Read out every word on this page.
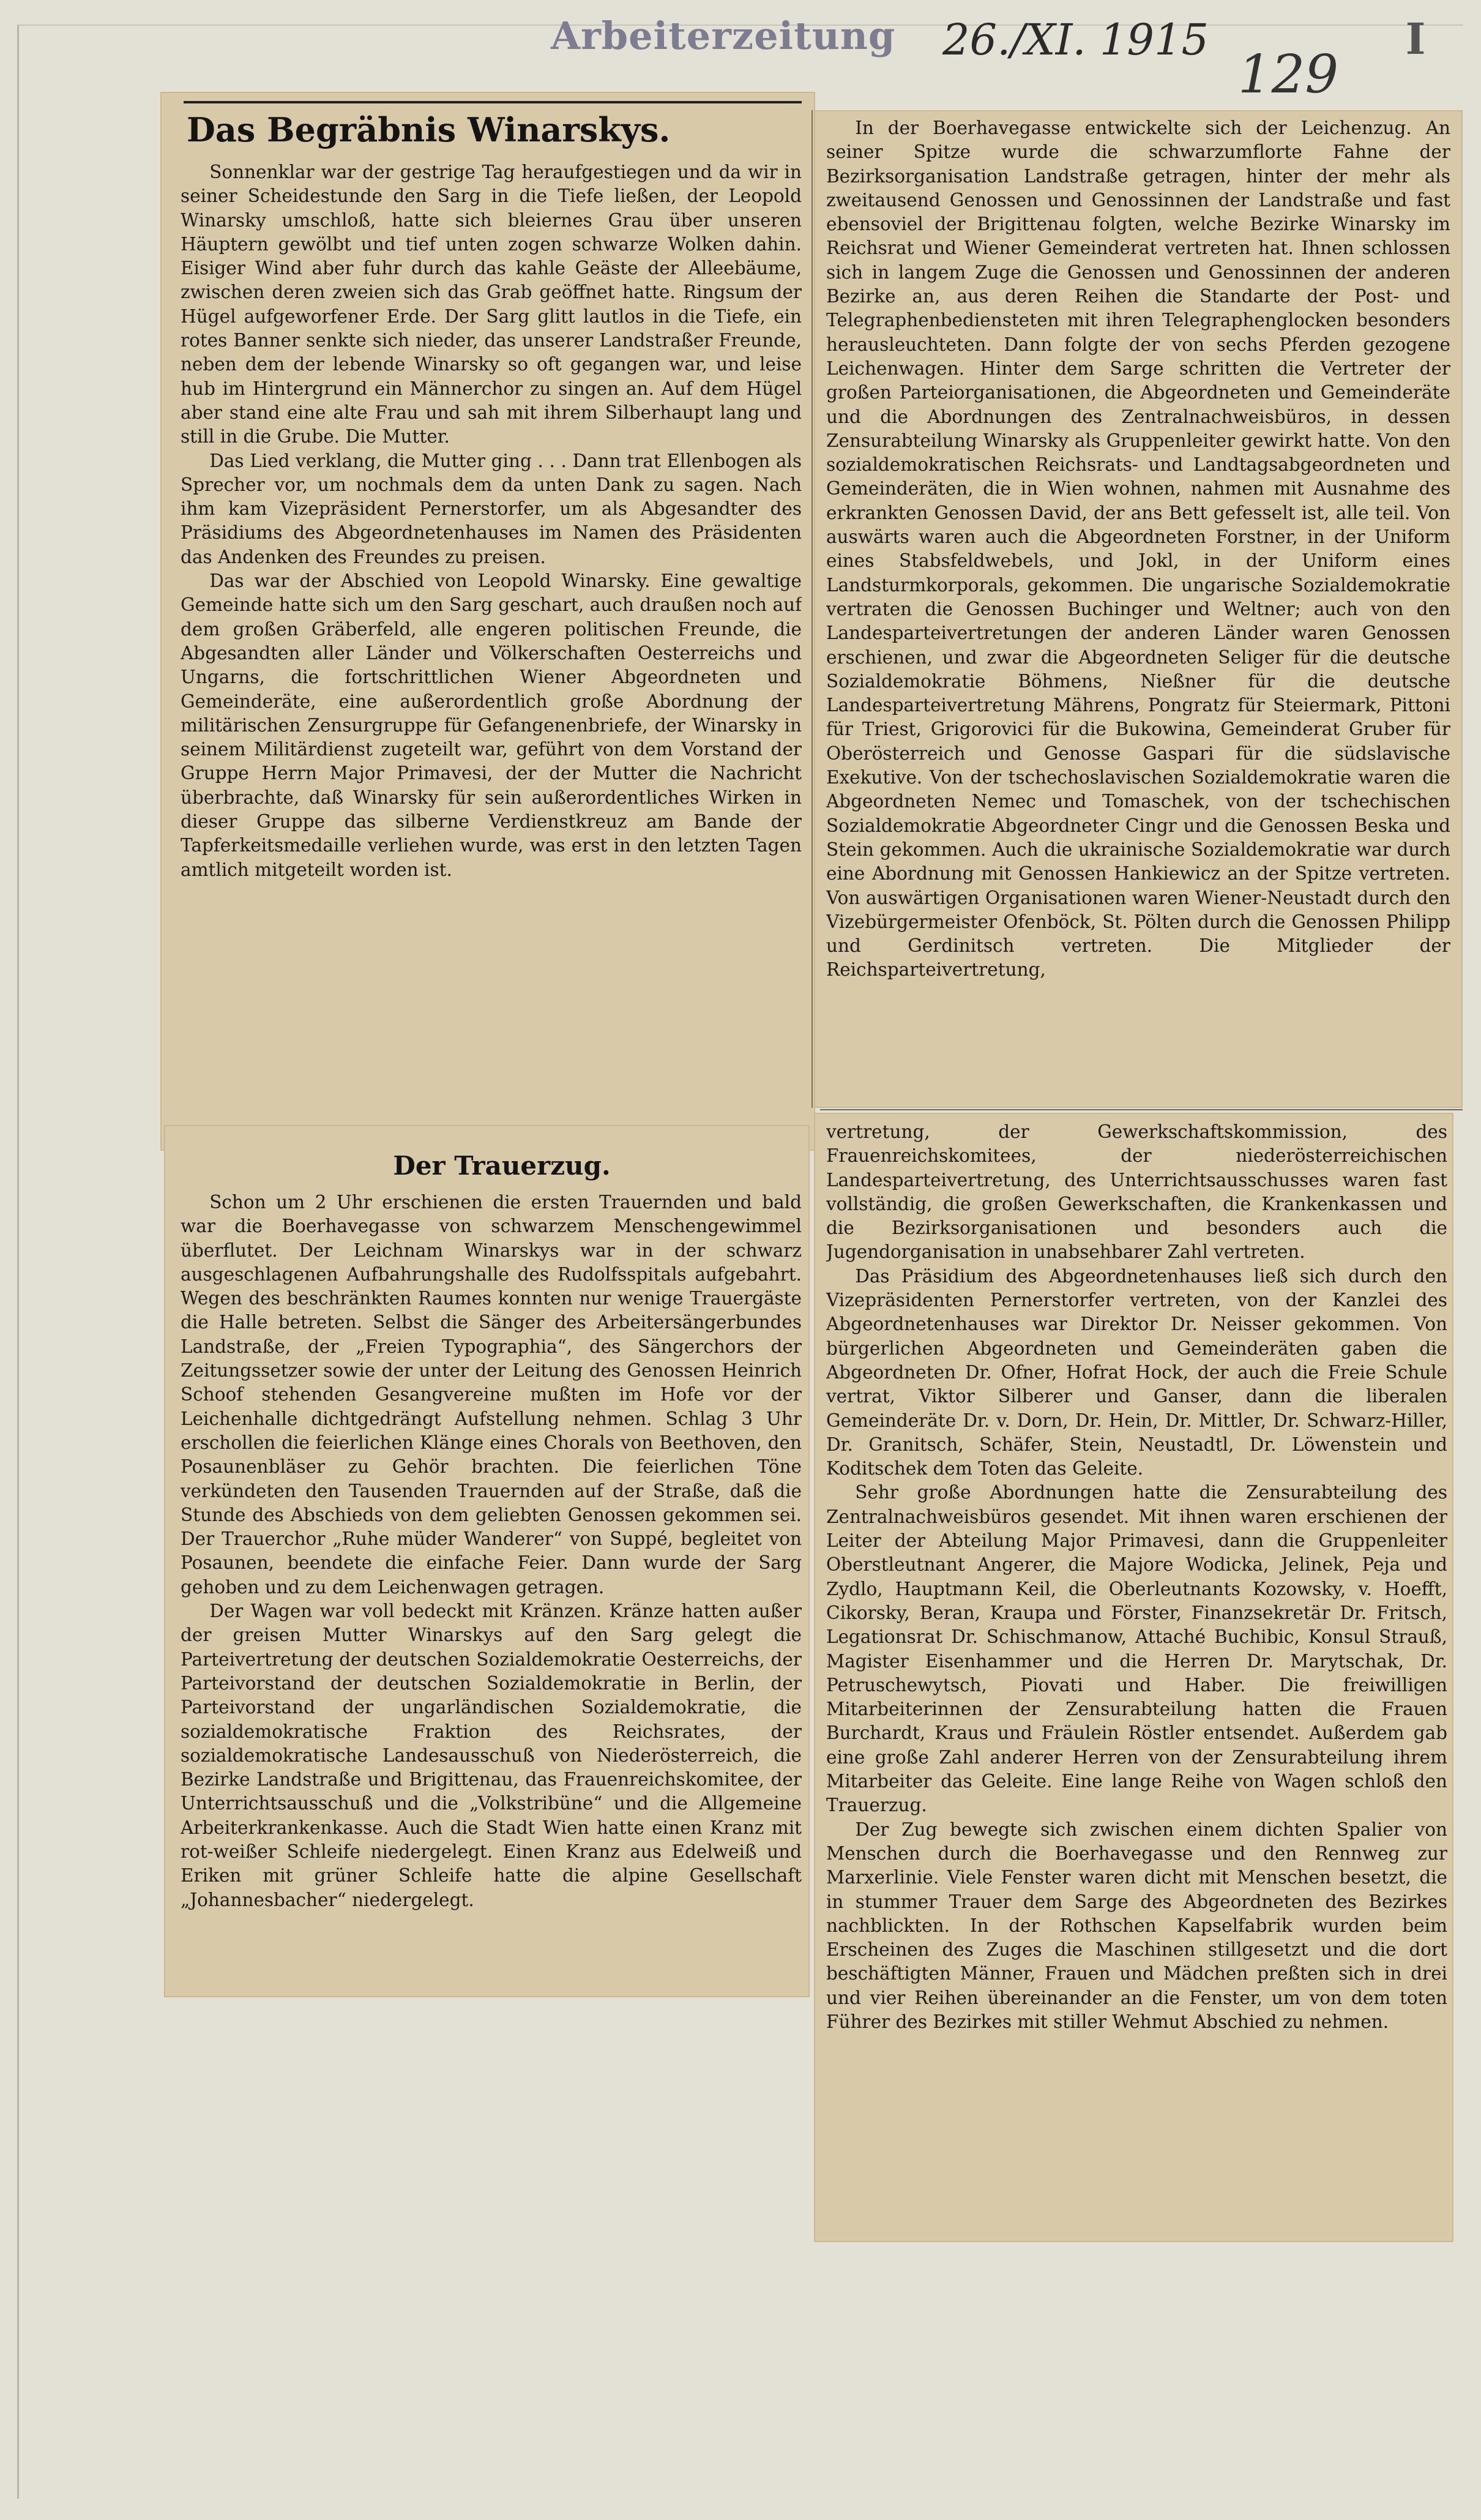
Arbeiterzeitung	26./XI. 1915	I
129
Das Begräbnis Winarskys.

Sonnenklar war der gestrige Tag heraufgestiegen und da wir in seiner Scheidestunde den Sarg in die Tiefe ließen, der Leopold Winarsky umschloß, hatte sich bleiernes Grau über unseren Häuptern gewölbt und tief unten zogen schwarze Wolken dahin. Eisiger Wind aber fuhr durch das kahle Geäste der Alleebäume, zwischen deren zweien sich das Grab geöffnet hatte. Ringsum der Hügel aufgeworfener Erde. Der Sarg glitt lautlos in die Tiefe, ein rotes Banner senkte sich nieder, das unserer Landstraßer Freunde, neben dem der lebende Winarsky so oft gegangen war, und leise hub im Hintergrund ein Männerchor zu singen an. Auf dem Hügel aber stand eine alte Frau und sah mit ihrem Silberhaupt lang und still in die Grube. Die Mutter.

Das Lied verklang, die Mutter ging . . . Dann trat Ellenbogen als Sprecher vor, um nochmals dem da unten Dank zu sagen. Nach ihm kam Vizepräsident Pernerstorfer, um als Abgesandter des Präsidiums des Abgeordnetenhauses im Namen des Präsidenten das Andenken des Freundes zu preisen.

Das war der Abschied von Leopold Winarsky. Eine gewaltige Gemeinde hatte sich um den Sarg geschart, auch draußen noch auf dem großen Gräberfeld, alle engeren politischen Freunde, die Abgesandten aller Länder und Völkerschaften Oesterreichs und Ungarns, die fortschrittlichen Wiener Abgeordneten und Gemeinderäte, eine außerordentlich große Abordnung der militärischen Zensurgruppe für Gefangenenbriefe, der Winarsky in seinem Militärdienst zugeteilt war, geführt von dem Vorstand der Gruppe Herrn Major Primavesi, der der Mutter die Nachricht überbrachte, daß Winarsky für sein außerordentliches Wirken in dieser Gruppe das silberne Verdienstkreuz am Bande der Tapferkeitsmedaille verliehen wurde, was erst in den letzten Tagen amtlich mitgeteilt worden ist.

Der Trauerzug.

Schon um 2 Uhr erschienen die ersten Trauernden und bald war die Boerhavegasse von schwarzem Menschengewimmel überflutet. Der Leichnam Winarskys war in der schwarz ausgeschlagenen Aufbahrungshalle des Rudolfsspitals aufgebahrt. Wegen des beschränkten Raumes konnten nur wenige Trauergäste die Halle betreten. Selbst die Sänger des Arbeitersängerbundes Landstraße, der „Freien Typographia“, des Sängerchors der Zeitungssetzer sowie der unter der Leitung des Genossen Heinrich Schoof stehenden Gesangvereine mußten im Hofe vor der Leichenhalle dichtgedrängt Aufstellung nehmen. Schlag 3 Uhr erschollen die feierlichen Klänge eines Chorals von Beethoven, den Posaunenbläser zu Gehör brachten. Die feierlichen Töne verkündeten den Tausenden Trauernden auf der Straße, daß die Stunde des Abschieds von dem geliebten Genossen gekommen sei. Der Trauerchor „Ruhe müder Wanderer“ von Suppé, begleitet von Posaunen, beendete die einfache Feier. Dann wurde der Sarg gehoben und zu dem Leichenwagen getragen.

Der Wagen war voll bedeckt mit Kränzen. Kränze hatten außer der greisen Mutter Winarskys auf den Sarg gelegt die Parteivertretung der deutschen Sozialdemokratie Oesterreichs, der Parteivorstand der deutschen Sozialdemokratie in Berlin, der Parteivorstand der ungarländischen Sozialdemokratie, die sozialdemokratische Fraktion des Reichsrates, der sozialdemokratische Landesausschuß von Niederösterreich, die Bezirke Landstraße und Brigittenau, das Frauenreichskomitee, der Unterrichtsausschuß und die „Volkstribüne“ und die Allgemeine Arbeiterkrankenkasse. Auch die Stadt Wien hatte einen Kranz mit rot-weißer Schleife niedergelegt. Einen Kranz aus Edelweiß und Eriken mit grüner Schleife hatte die alpine Gesellschaft „Johannesbacher“ niedergelegt.

In der Boerhavegasse entwickelte sich der Leichenzug. An seiner Spitze wurde die schwarzumflorte Fahne der Bezirksorganisation Landstraße getragen, hinter der mehr als zweitausend Genossen und Genossinnen der Landstraße und fast ebensoviel der Brigittenau folgten, welche Bezirke Winarsky im Reichsrat und Wiener Gemeinderat vertreten hat. Ihnen schlossen sich in langem Zuge die Genossen und Genossinnen der anderen Bezirke an, aus deren Reihen die Standarte der Post- und Telegraphenbediensteten mit ihren Telegraphenglocken besonders herausleuchteten. Dann folgte der von sechs Pferden gezogene Leichenwagen. Hinter dem Sarge schritten die Vertreter der großen Parteiorganisationen, die Abgeordneten und Gemeinderäte und die Abordnungen des Zentralnachweisbüros, in dessen Zensurabteilung Winarsky als Gruppenleiter gewirkt hatte. Von den sozialdemokratischen Reichsrats- und Landtagsabgeordneten und Gemeinderäten, die in Wien wohnen, nahmen mit Ausnahme des erkrankten Genossen David, der ans Bett gefesselt ist, alle teil. Von auswärts waren auch die Abgeordneten Forstner, in der Uniform eines Stabsfeldwebels, und Jokl, in der Uniform eines Landsturmkorporals, gekommen. Die ungarische Sozialdemokratie vertraten die Genossen Buchinger und Weltner; auch von den Landesparteivertretungen der anderen Länder waren Genossen erschienen, und zwar die Abgeordneten Seliger für die deutsche Sozialdemokratie Böhmens, Nießner für die deutsche Landesparteivertretung Mährens, Pongratz für Steiermark, Pittoni für Triest, Grigorovici für die Bukowina, Gemeinderat Gruber für Oberösterreich und Genosse Gaspari für die südslavische Exekutive. Von der tschechoslavischen Sozialdemokratie waren die Abgeordneten Nemec und Tomaschek, von der tschechischen Sozialdemokratie Abgeordneter Cingr und die Genossen Beska und Stein gekommen. Auch die ukrainische Sozialdemokratie war durch eine Abordnung mit Genossen Hankiewicz an der Spitze vertreten. Von auswärtigen Organisationen waren Wiener-Neustadt durch den Vizebürgermeister Ofenböck, St. Pölten durch die Genossen Philipp und Gerdinitsch vertreten. Die Mitglieder der Reichsparteivertretung,

vertretung, der Gewerkschaftskommission, des Frauenreichskomitees, der niederösterreichischen Landesparteivertretung, des Unterrichtsausschusses waren fast vollständig, die großen Gewerkschaften, die Krankenkassen und die Bezirksorganisationen und besonders auch die Jugendorganisation in unabsehbarer Zahl vertreten.

Das Präsidium des Abgeordnetenhauses ließ sich durch den Vizepräsidenten Pernerstorfer vertreten, von der Kanzlei des Abgeordnetenhauses war Direktor Dr. Neisser gekommen. Von bürgerlichen Abgeordneten und Gemeinderäten gaben die Abgeordneten Dr. Ofner, Hofrat Hock, der auch die Freie Schule vertrat, Viktor Silberer und Ganser, dann die liberalen Gemeinderäte Dr. v. Dorn, Dr. Hein, Dr. Mittler, Dr. Schwarz-Hiller, Dr. Granitsch, Schäfer, Stein, Neustadtl, Dr. Löwenstein und Koditschek dem Toten das Geleite.

Sehr große Abordnungen hatte die Zensurabteilung des Zentralnachweisbüros gesendet. Mit ihnen waren erschienen der Leiter der Abteilung Major Primavesi, dann die Gruppenleiter Oberstleutnant Angerer, die Majore Wodicka, Jelinek, Peja und Zydlo, Hauptmann Keil, die Oberleutnants Kozowsky, v. Hoefft, Cikorsky, Beran, Kraupa und Förster, Finanzsekretär Dr. Fritsch, Legationsrat Dr. Schischmanow, Attaché Buchibic, Konsul Strauß, Magister Eisenhammer und die Herren Dr. Marytschak, Dr. Petruschewytsch, Piovati und Haber. Die freiwilligen Mitarbeiterinnen der Zensurabteilung hatten die Frauen Burchardt, Kraus und Fräulein Röstler entsendet. Außerdem gab eine große Zahl anderer Herren von der Zensurabteilung ihrem Mitarbeiter das Geleite. Eine lange Reihe von Wagen schloß den Trauerzug.

Der Zug bewegte sich zwischen einem dichten Spalier von Menschen durch die Boerhavegasse und den Rennweg zur Marxerlinie. Viele Fenster waren dicht mit Menschen besetzt, die in stummer Trauer dem Sarge des Abgeordneten des Bezirkes nachblickten. In der Rothschen Kapselfabrik wurden beim Erscheinen des Zuges die Maschinen stillgesetzt und die dort beschäftigten Männer, Frauen und Mädchen preßten sich in drei und vier Reihen übereinander an die Fenster, um von dem toten Führer des Bezirkes mit stiller Wehmut Abschied zu nehmen.
